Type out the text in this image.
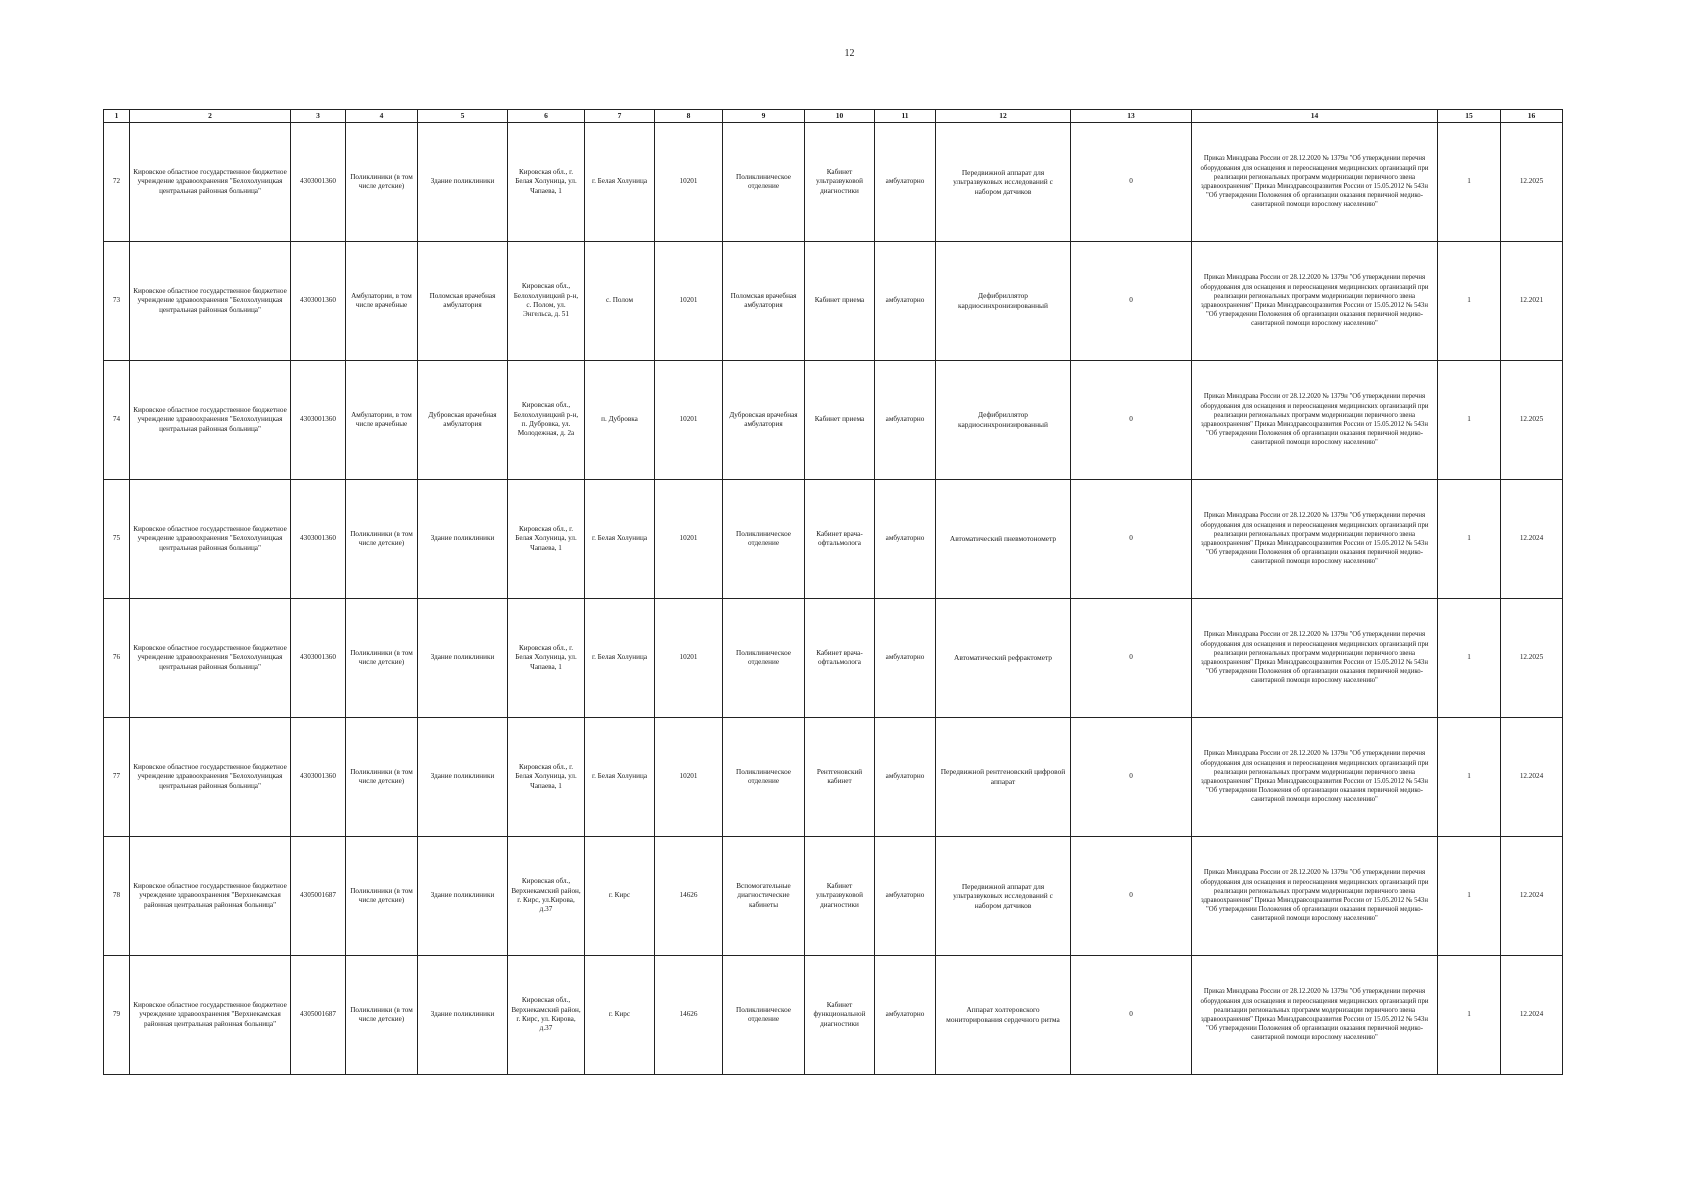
12
1	2	3	4	5	6	7	8	9	10	11	12	13	14	15	16
72	Кировское областное государственное бюджетное учреждение здравоохранения "Белохолуницкая центральная районная больница"	4303001360	Поликлиники (в том числе детские)	Здание поликлиники	Кировская обл., г. Белая Холуница, ул. Чапаева, 1	г. Белая Холуница	10201	Поликлиническое отделение	Кабинет ультразвуковой диагностики	амбулаторно	Передвижной аппарат для ультразвуковых исследований с набором датчиков	0	Приказ Минздрава России от 28.12.2020 № 1379н "Об утверждении перечня оборудования для оснащения и переоснащения медицинских организаций при реализации региональных программ модернизации первичного звена здравоохранения" Приказ Минздравсоцразвития России от 15.05.2012 № 543н "Об утверждении Положения об организации оказания первичной медико-санитарной помощи взрослому населению"	1	12.2025
73	Кировское областное государственное бюджетное учреждение здравоохранения "Белохолуницкая центральная районная больница"	4303001360	Амбулатории, в том числе врачебные	Поломская врачебная амбулатория	Кировская обл., Белохолуницкий р-н, с. Полом, ул. Энгельса, д. 51	с. Полом	10201	Поломская врачебная амбулатория	Кабинет приема	амбулаторно	Дефибриллятор кардиосинхронизированный	0	Приказ Минздрава России от 28.12.2020 № 1379н "Об утверждении перечня оборудования для оснащения и переоснащения медицинских организаций при реализации региональных программ модернизации первичного звена здравоохранения" Приказ Минздравсоцразвития России от 15.05.2012 № 543н "Об утверждении Положения об организации оказания первичной медико-санитарной помощи взрослому населению"	1	12.2021
74	Кировское областное государственное бюджетное учреждение здравоохранения "Белохолуницкая центральная районная больница"	4303001360	Амбулатории, в том числе врачебные	Дубровская врачебная амбулатория	Кировская обл., Белохолуницкий р-н, п. Дубровка, ул. Молодежная, д. 2а	п. Дубровка	10201	Дубровская врачебная амбулатория	Кабинет приема	амбулаторно	Дефибриллятор кардиосинхронизированный	0	Приказ Минздрава России от 28.12.2020 № 1379н "Об утверждении перечня оборудования для оснащения и переоснащения медицинских организаций при реализации региональных программ модернизации первичного звена здравоохранения" Приказ Минздравсоцразвития России от 15.05.2012 № 543н "Об утверждении Положения об организации оказания первичной медико-санитарной помощи взрослому населению"	1	12.2025
75	Кировское областное государственное бюджетное учреждение здравоохранения "Белохолуницкая центральная районная больница"	4303001360	Поликлиники (в том числе детские)	Здание поликлиники	Кировская обл., г. Белая Холуница, ул. Чапаева, 1	г. Белая Холуница	10201	Поликлиническое отделение	Кабинет врача-офтальмолога	амбулаторно	Автоматический пневмотонометр	0	Приказ Минздрава России от 28.12.2020 № 1379н "Об утверждении перечня оборудования для оснащения и переоснащения медицинских организаций при реализации региональных программ модернизации первичного звена здравоохранения" Приказ Минздравсоцразвития России от 15.05.2012 № 543н "Об утверждении Положения об организации оказания первичной медико-санитарной помощи взрослому населению"	1	12.2024
76	Кировское областное государственное бюджетное учреждение здравоохранения "Белохолуницкая центральная районная больница"	4303001360	Поликлиники (в том числе детские)	Здание поликлиники	Кировская обл., г. Белая Холуница, ул. Чапаева, 1	г. Белая Холуница	10201	Поликлиническое отделение	Кабинет врача-офтальмолога	амбулаторно	Автоматический рефрактометр	0	Приказ Минздрава России от 28.12.2020 № 1379н "Об утверждении перечня оборудования для оснащения и переоснащения медицинских организаций при реализации региональных программ модернизации первичного звена здравоохранения" Приказ Минздравсоцразвития России от 15.05.2012 № 543н "Об утверждении Положения об организации оказания первичной медико-санитарной помощи взрослому населению"	1	12.2025
77	Кировское областное государственное бюджетное учреждение здравоохранения "Белохолуницкая центральная районная больница"	4303001360	Поликлиники (в том числе детские)	Здание поликлиники	Кировская обл., г. Белая Холуница, ул. Чапаева, 1	г. Белая Холуница	10201	Поликлиническое отделение	Рентгеновский кабинет	амбулаторно	Передвижной рентгеновский цифровой аппарат	0	Приказ Минздрава России от 28.12.2020 № 1379н "Об утверждении перечня оборудования для оснащения и переоснащения медицинских организаций при реализации региональных программ модернизации первичного звена здравоохранения" Приказ Минздравсоцразвития России от 15.05.2012 № 543н "Об утверждении Положения об организации оказания первичной медико-санитарной помощи взрослому населению"	1	12.2024
78	Кировское областное государственное бюджетное учреждение здравоохранения "Верхнекамская районная центральная районная больница"	4305001687	Поликлиники (в том числе детские)	Здание поликлиники	Кировская обл., Верхнекамский район, г. Кирс, ул.Кирова, д.37	г. Кирс	14626	Вспомогательные диагностические кабинеты	Кабинет ультразвуковой диагностики	амбулаторно	Передвижной аппарат для ультразвуковых исследований с набором датчиков	0	Приказ Минздрава России от 28.12.2020 № 1379н "Об утверждении перечня оборудования для оснащения и переоснащения медицинских организаций при реализации региональных программ модернизации первичного звена здравоохранения" Приказ Минздравсоцразвития России от 15.05.2012 № 543н "Об утверждении Положения об организации оказания первичной медико-санитарной помощи взрослому населению"	1	12.2024
79	Кировское областное государственное бюджетное учреждение здравоохранения "Верхнекамская районная центральная районная больница"	4305001687	Поликлиники (в том числе детские)	Здание поликлиники	Кировская обл., Верхнекамский район, г. Кирс, ул. Кирова, д.37	г. Кирс	14626	Поликлиническое отделение	Кабинет функциональной диагностики	амбулаторно	Аппарат холтеровского мониторирования сердечного ритма	0	Приказ Минздрава России от 28.12.2020 № 1379н "Об утверждении перечня оборудования для оснащения и переоснащения медицинских организаций при реализации региональных программ модернизации первичного звена здравоохранения" Приказ Минздравсоцразвития России от 15.05.2012 № 543н "Об утверждении Положения об организации оказания первичной медико-санитарной помощи взрослому населению"	1	12.2024
